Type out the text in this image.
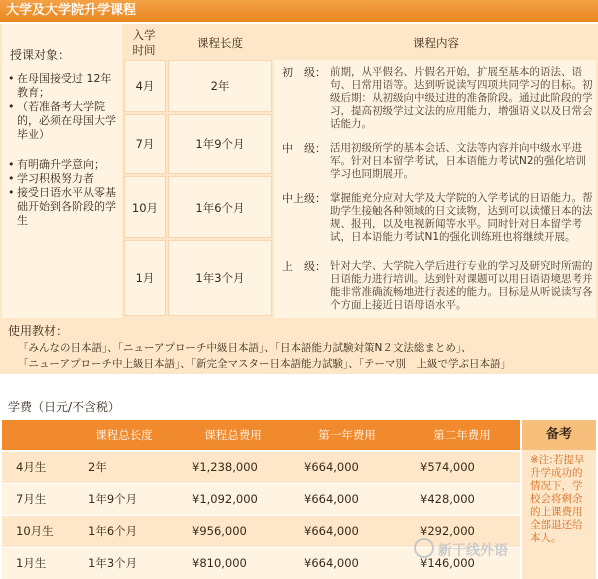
大学及大学院升学课程
授课对象：
• 在母国接受过 12年教育；
• （若准备考大学院的，必须在母国大学毕业）
• 有明确升学意向；
• 学习积极努力者
• 接受日语水平从零基础开始到各阶段的学生
入学
时间	课程长度	课程内容
4月	2年
7月	1年9个月
10月	1年6个月
1月	1年3个月
初　级： 前期，从平假名、片假名开始，扩展至基本的语法、语句、日常用语等。达到听说读写四项共同学习的目标。初级后期：从初级向中级过进的准备阶段。通过此阶段的学习，提高初级学过文法的应用能力，增强语义以及日常会话能力。
中　级： 活用初级所学的基本会话、文法等内容并向中级水平进军。针对日本留学考试，日本语能力考试N2的强化培训学习也同期展开。
中上级： 掌握能充分应对大学及大学院的入学考试的日语能力。帮助学生接触各种领域的日文读物，达到可以读懂日本的法规、报刊，以及电视新闻等水平。同时针对日本留学考试，日本语能力考试N1的强化训练班也将继续开展。
上　级： 针对大学、大学院入学后进行专业的学习及研究时所需的日语能力进行培训。达到针对课题可以用日语语境思考并能非常准确流畅地进行表述的能力。目标是从听说读写各个方面上接近日语母语水平。
使用教材：
「みんなの日本語」、「ニューアプローチ中級日本語」、「日本語能力試験対策N２文法総まとめ」、
「ニューアプローチ中上級日本語」、「新完全マスター日本語能力試験」、「テーマ別　上級で学ぶ日本語」
学费（日元/不含税）
课程总长度	课程总费用	第一年费用	第二年费用
4月生	2年	¥1,238,000	¥664,000	¥574,000
7月生	1年9个月	¥1,092,000	¥664,000	¥428,000
10月生	1年6个月	¥956,000	¥664,000	¥292,000
1月生	1年3个月	¥810,000	¥664,000	¥146,000
备考
※注:若提早升学成功的情况下，学校会将剩余的上课费用全部退还给本人。
新干线外语
